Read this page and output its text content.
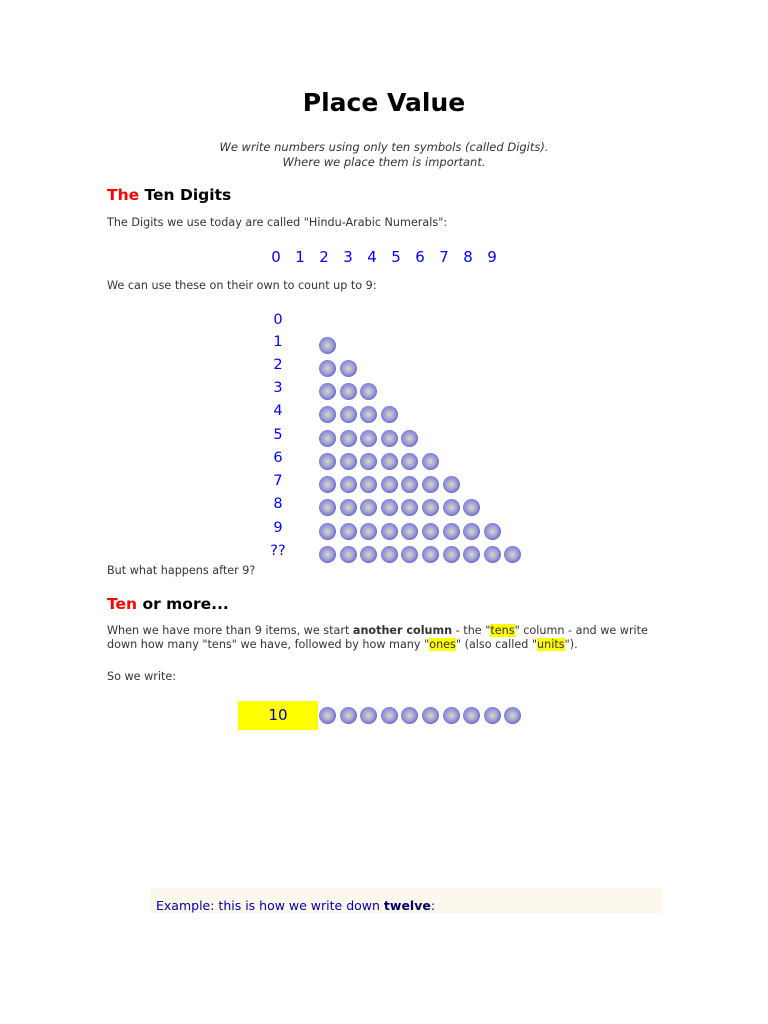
Place Value
We write numbers using only ten symbols (called Digits).
Where we place them is important.
The Ten Digits
The Digits we use today are called "Hindu-Arabic Numerals":
0 1 2 3 4 5 6 7 8 9
We can use these on their own to count up to 9:
0
1
2
3
4
5
6
7
8
9
??
But what happens after 9?
Ten or more...
When we have more than 9 items, we start another column - the "tens" column - and we write
down how many "tens" we have, followed by how many "ones" (also called "units").
So we write:
10
Example: this is how we write down twelve:
